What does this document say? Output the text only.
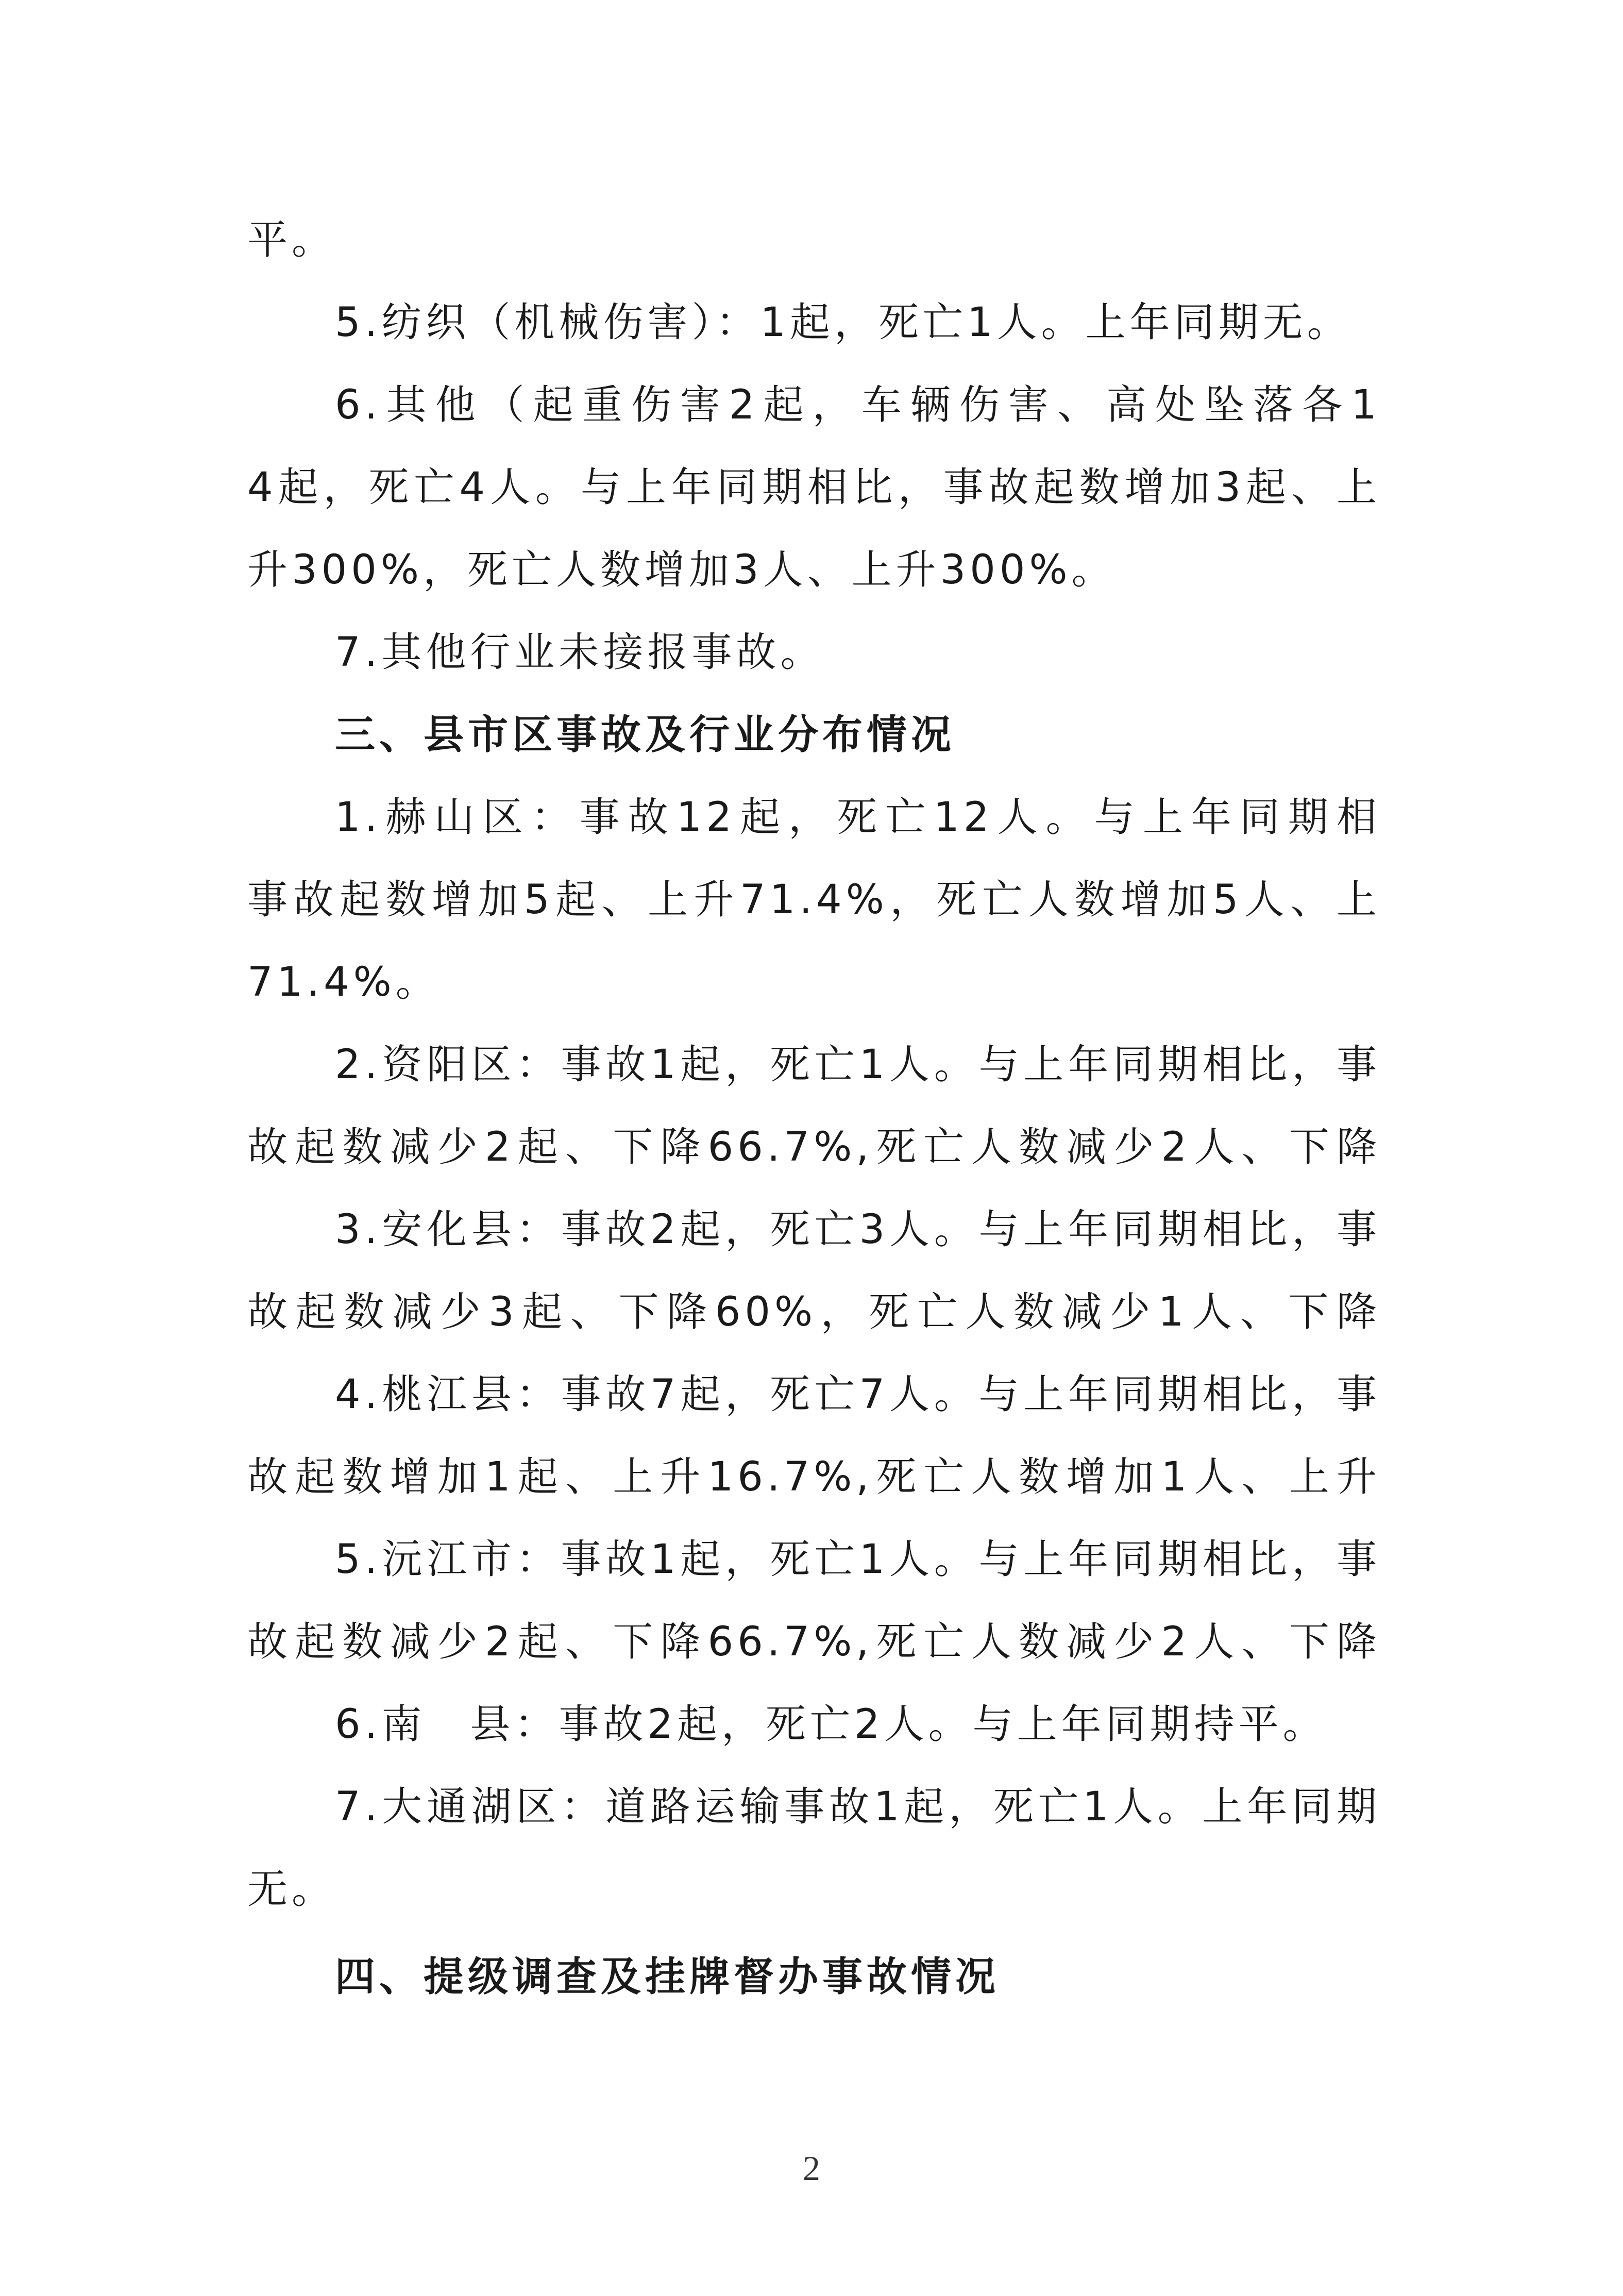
平。
5.纺织（机械伤害）：1起，死亡1人。上年同期无。
6.其他（起重伤害2起，车辆伤害、高处坠落各1
4起，死亡4人。与上年同期相比，事故起数增加3起、上
升300%，死亡人数增加3人、上升300%。
7.其他行业未接报事故。
三、县市区事故及行业分布情况
1.赫山区：事故12起，死亡12人。与上年同期相
事故起数增加5起、上升71.4%，死亡人数增加5人、上
71.4%。
2.资阳区：事故1起，死亡1人。与上年同期相比，事
故起数减少2起、下降66.7%,死亡人数减少2人、下降
3.安化县：事故2起，死亡3人。与上年同期相比，事
故起数减少3起、下降60%，死亡人数减少1人、下降
4.桃江县：事故7起，死亡7人。与上年同期相比，事
故起数增加1起、上升16.7%,死亡人数增加1人、上升
5.沅江市：事故1起，死亡1人。与上年同期相比，事
故起数减少2起、下降66.7%,死亡人数减少2人、下降
6.南　县：事故2起，死亡2人。与上年同期持平。
7.大通湖区：道路运输事故1起，死亡1人。上年同期
无。
四、提级调查及挂牌督办事故情况
2
